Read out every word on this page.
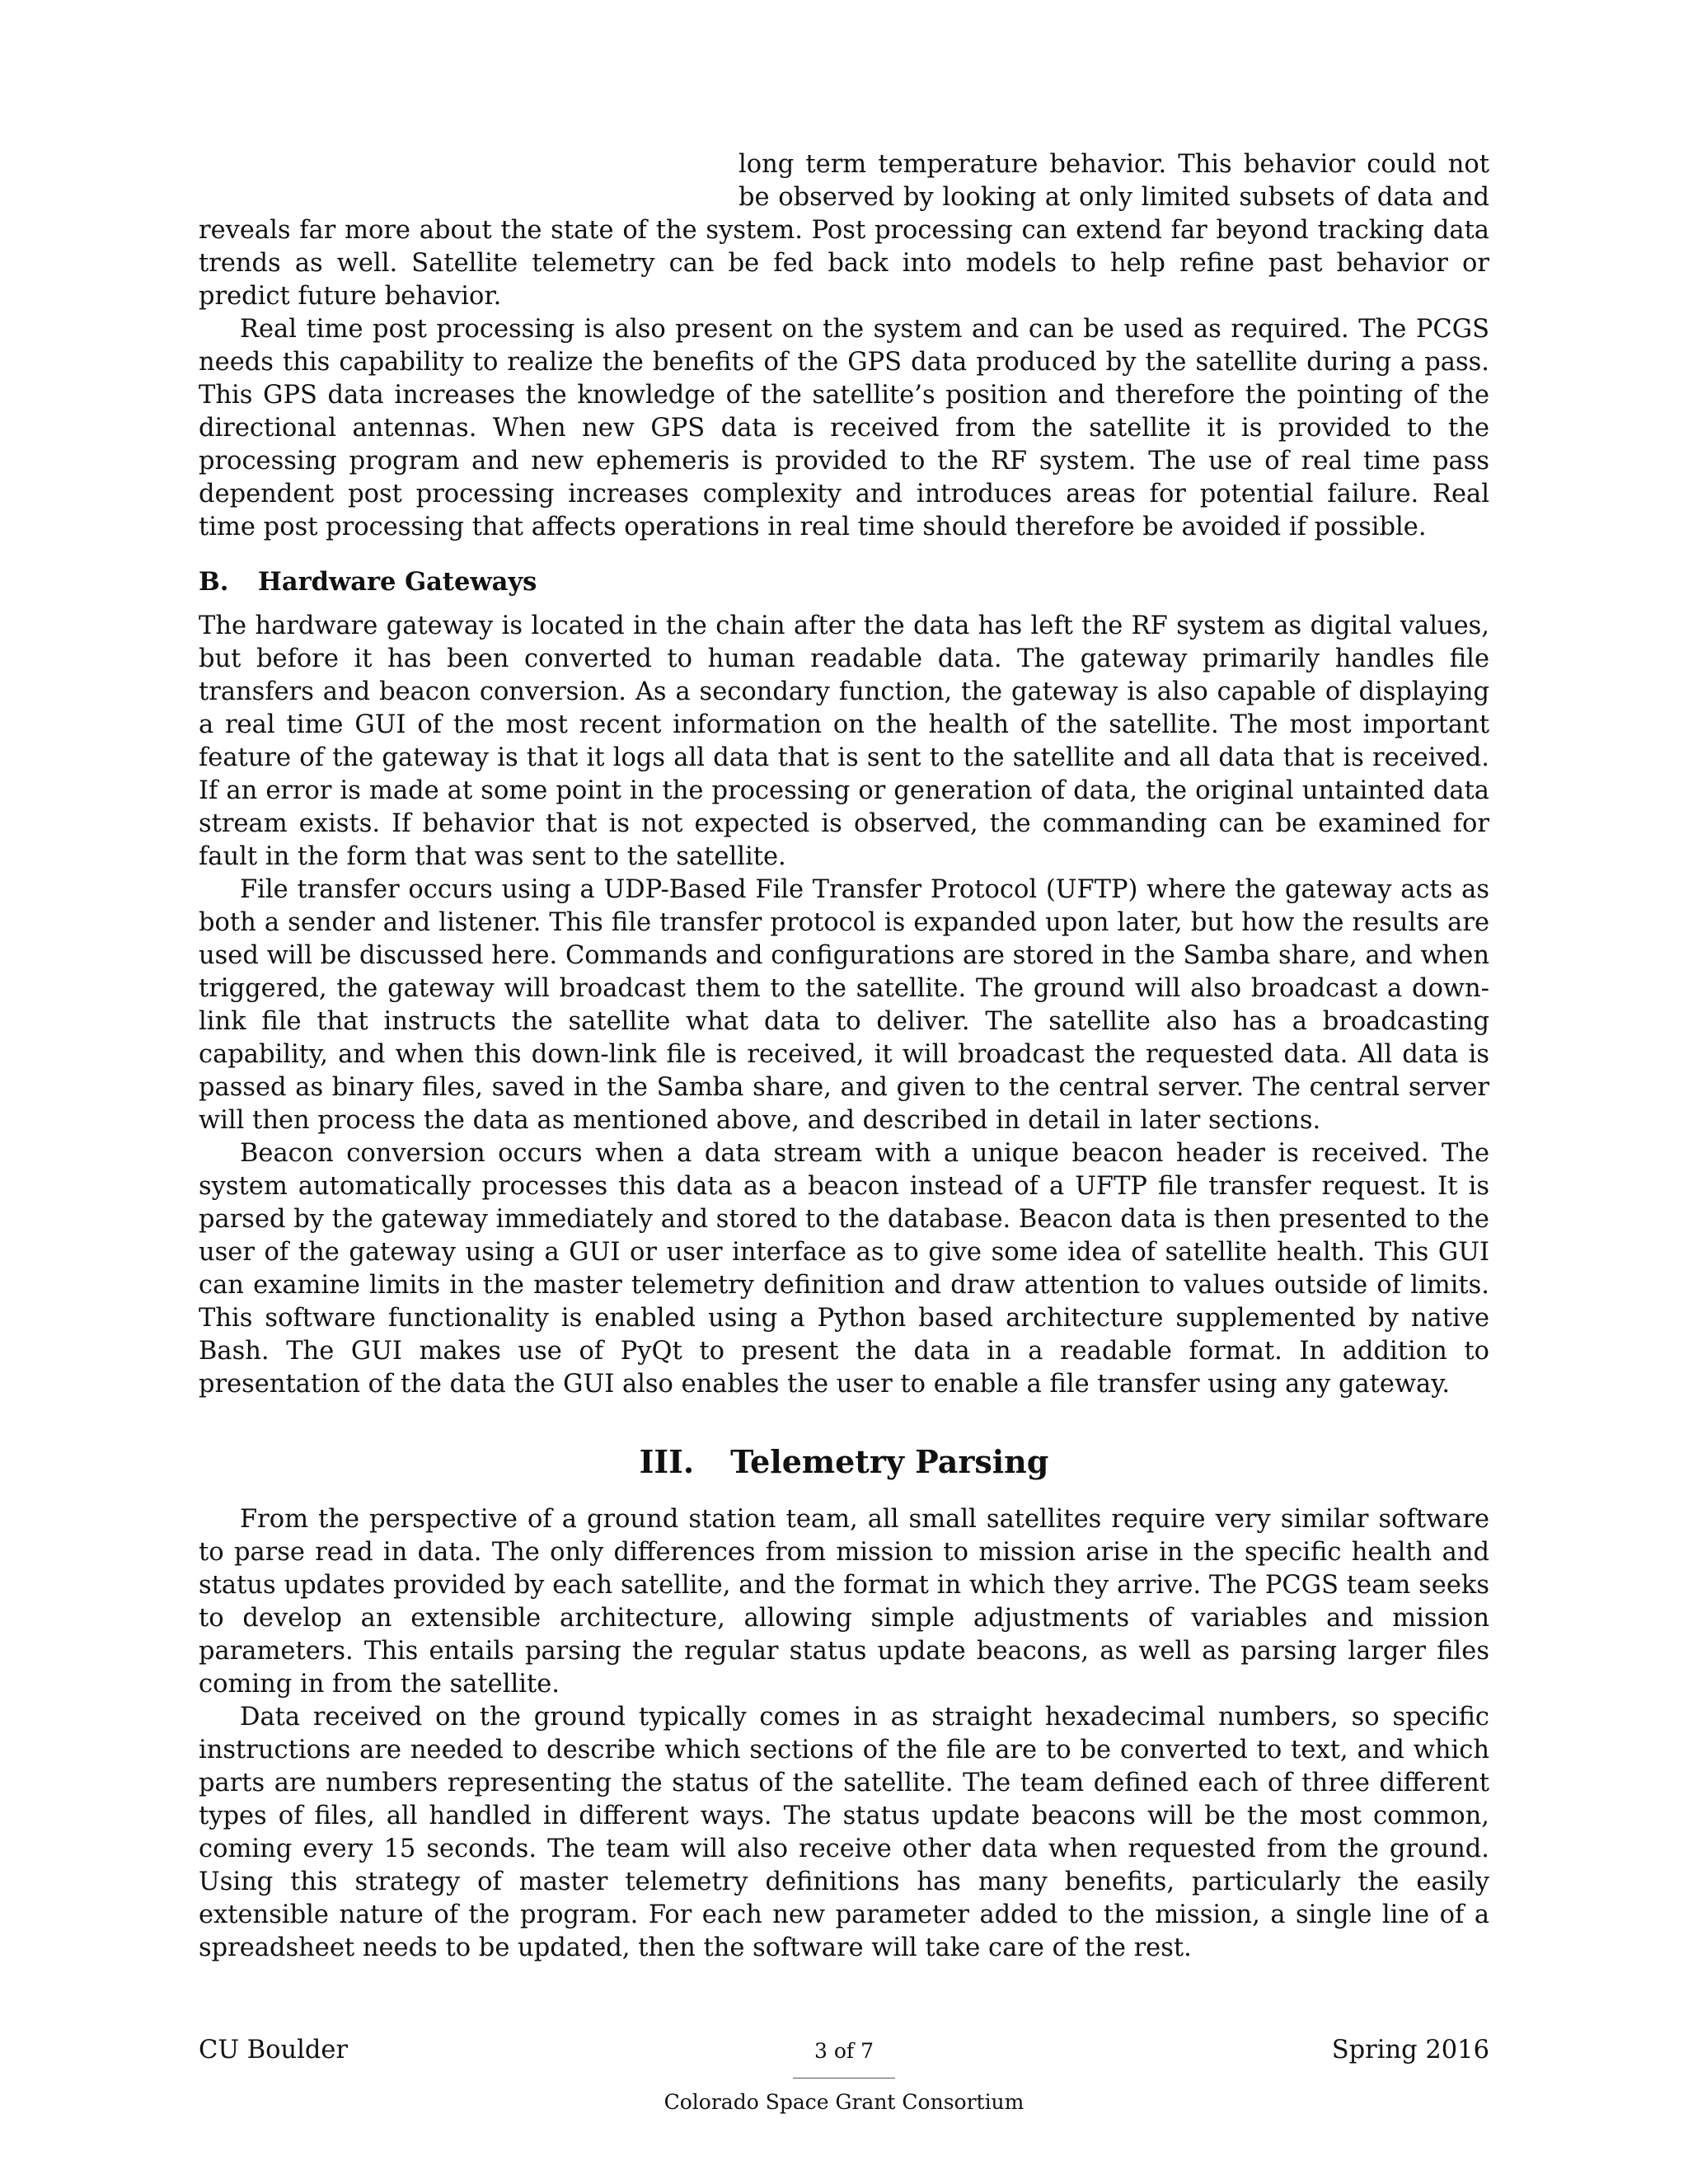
long term temperature behavior. This behavior could not be observed by looking at only limited subsets of data and reveals far more about the state of the system. Post processing can extend far beyond tracking data trends as well. Satellite telemetry can be fed back into models to help refine past behavior or predict future behavior.

Real time post processing is also present on the system and can be used as required. The PCGS needs this capability to realize the benefits of the GPS data produced by the satellite during a pass. This GPS data increases the knowledge of the satellite’s position and therefore the pointing of the directional antennas. When new GPS data is received from the satellite it is provided to the processing program and new ephemeris is provided to the RF system. The use of real time pass dependent post processing increases complexity and introduces areas for potential failure. Real time post processing that affects operations in real time should therefore be avoided if possible.

B. Hardware Gateways

The hardware gateway is located in the chain after the data has left the RF system as digital values, but before it has been converted to human readable data. The gateway primarily handles file transfers and beacon conversion. As a secondary function, the gateway is also capable of displaying a real time GUI of the most recent information on the health of the satellite. The most important feature of the gateway is that it logs all data that is sent to the satellite and all data that is received. If an error is made at some point in the processing or generation of data, the original untainted data stream exists. If behavior that is not expected is observed, the commanding can be examined for fault in the form that was sent to the satellite.

File transfer occurs using a UDP-Based File Transfer Protocol (UFTP) where the gateway acts as both a sender and listener. This file transfer protocol is expanded upon later, but how the results are used will be discussed here. Commands and configurations are stored in the Samba share, and when triggered, the gateway will broadcast them to the satellite. The ground will also broadcast a down-link file that instructs the satellite what data to deliver. The satellite also has a broadcasting capability, and when this down-link file is received, it will broadcast the requested data. All data is passed as binary files, saved in the Samba share, and given to the central server. The central server will then process the data as mentioned above, and described in detail in later sections.

Beacon conversion occurs when a data stream with a unique beacon header is received. The system automatically processes this data as a beacon instead of a UFTP file transfer request. It is parsed by the gateway immediately and stored to the database. Beacon data is then presented to the user of the gateway using a GUI or user interface as to give some idea of satellite health. This GUI can examine limits in the master telemetry definition and draw attention to values outside of limits. This software functionality is enabled using a Python based architecture supplemented by native Bash. The GUI makes use of PyQt to present the data in a readable format. In addition to presentation of the data the GUI also enables the user to enable a file transfer using any gateway.

III. Telemetry Parsing

From the perspective of a ground station team, all small satellites require very similar software to parse read in data. The only differences from mission to mission arise in the specific health and status updates provided by each satellite, and the format in which they arrive. The PCGS team seeks to develop an extensible architecture, allowing simple adjustments of variables and mission parameters. This entails parsing the regular status update beacons, as well as parsing larger files coming in from the satellite.

Data received on the ground typically comes in as straight hexadecimal numbers, so specific instructions are needed to describe which sections of the file are to be converted to text, and which parts are numbers representing the status of the satellite. The team defined each of three different types of files, all handled in different ways. The status update beacons will be the most common, coming every 15 seconds. The team will also receive other data when requested from the ground. Using this strategy of master telemetry definitions has many benefits, particularly the easily extensible nature of the program. For each new parameter added to the mission, a single line of a spreadsheet needs to be updated, then the software will take care of the rest.

CU Boulder	3 of 7	Spring 2016
Colorado Space Grant Consortium
